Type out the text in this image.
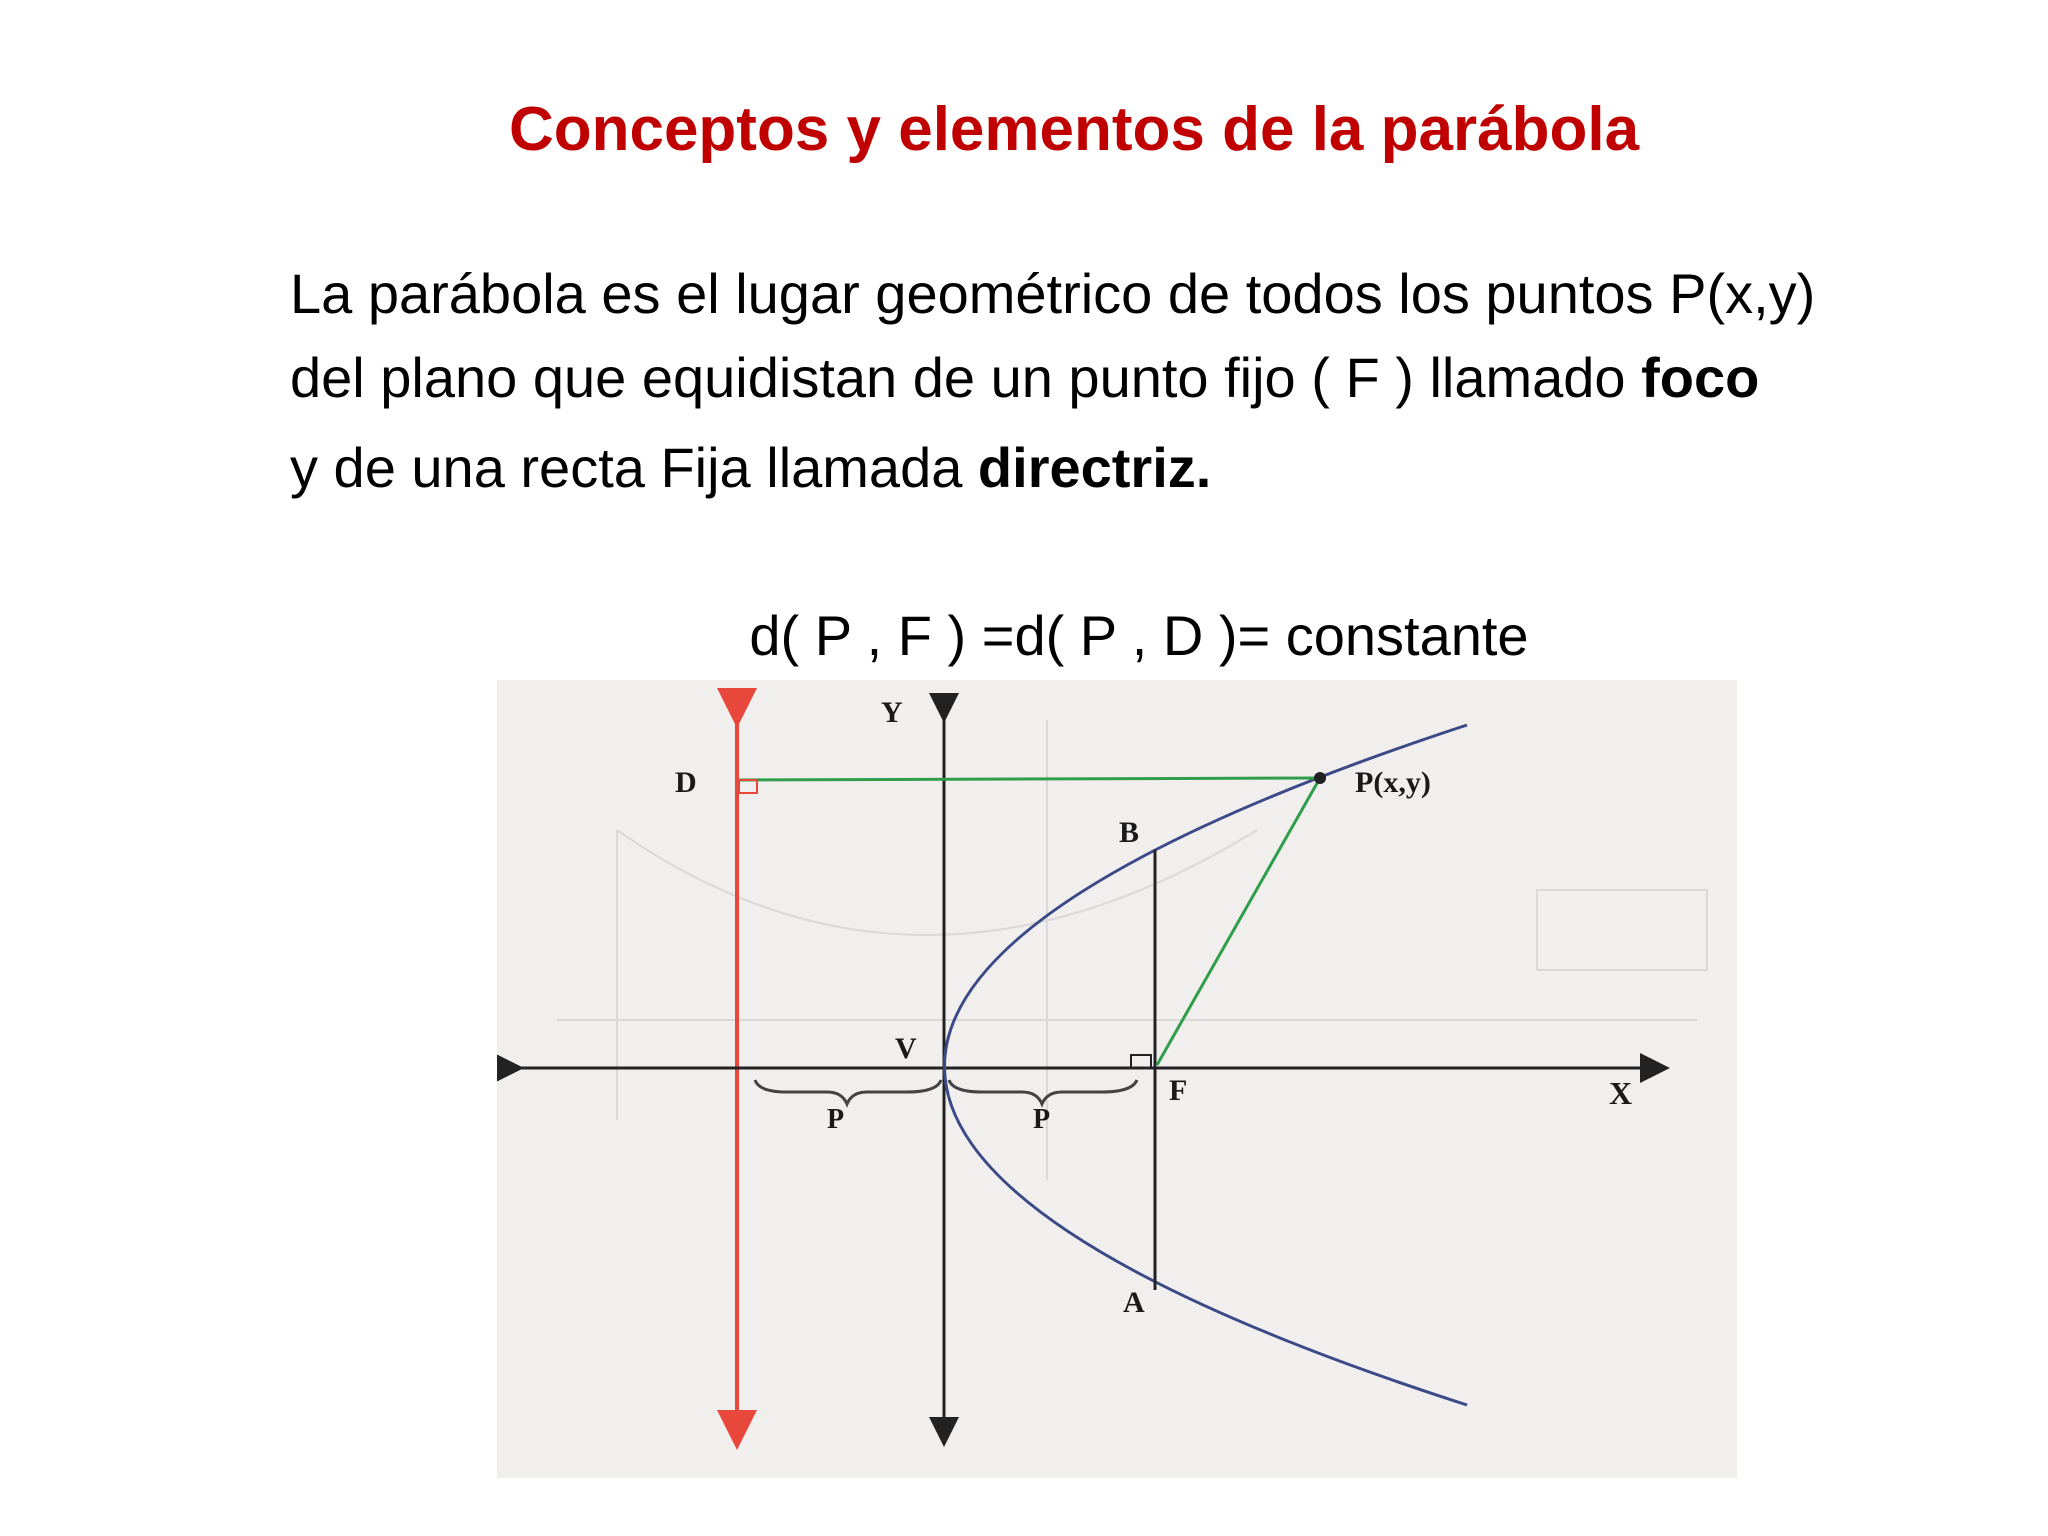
Conceptos y elementos de la parábola
La parábola es el lugar geométrico de todos los puntos P(x,y)
del plano que equidistan de un punto fijo ( F ) llamado foco
y de una recta Fija llamada directriz.
d( P , F ) =d( P , D )= constante
Y
X
D	P(x,y)
B
V
F
A
P	P
